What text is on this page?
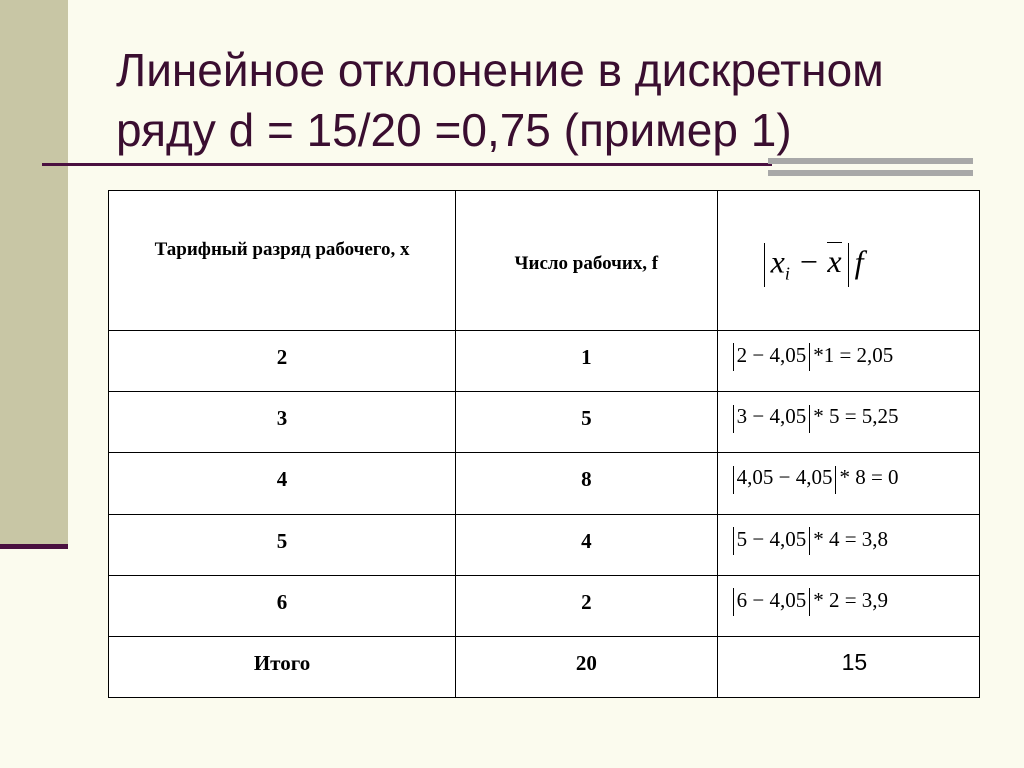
Линейное отклонение в дискретном ряду d = 15/20 =0,75 (пример 1)
Тарифный разряд рабочего, x	Число рабочих, f	$x_i - x$ f

2	1	2 − 4,05 *1 = 2,05

3	5	3 − 4,05 * 5 = 5,25

4	8	4,05 − 4,05 * 8 = 0

5	4	5 − 4,05 * 4 = 3,8

6	2	6 − 4,05 * 2 = 3,9

Итого	20	15
